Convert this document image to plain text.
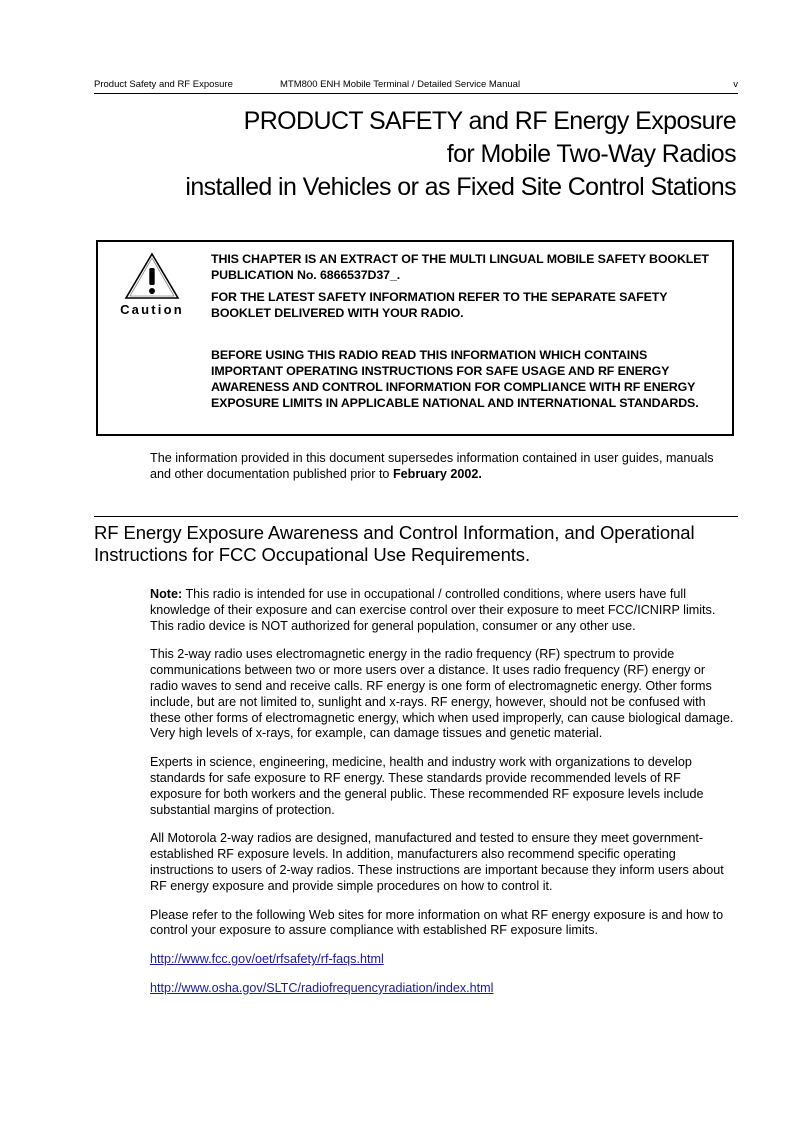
Product Safety and RF Exposure	MTM800 ENH Mobile Terminal / Detailed Service Manual	v
PRODUCT SAFETY and RF Energy Exposure
for Mobile Two-Way Radios
installed in Vehicles or as Fixed Site Control Stations
Caution

THIS CHAPTER IS AN EXTRACT OF THE MULTI LINGUAL MOBILE SAFETY BOOKLET PUBLICATION No. 6866537D37_.

FOR THE LATEST SAFETY INFORMATION REFER TO THE SEPARATE SAFETY BOOKLET DELIVERED WITH YOUR RADIO.

BEFORE USING THIS RADIO READ THIS INFORMATION WHICH CONTAINS IMPORTANT OPERATING INSTRUCTIONS FOR SAFE USAGE AND RF ENERGY AWARENESS AND CONTROL INFORMATION FOR COMPLIANCE WITH RF ENERGY EXPOSURE LIMITS IN APPLICABLE NATIONAL AND INTERNATIONAL STANDARDS.

The information provided in this document supersedes information contained in user guides, manuals and other documentation published prior to February 2002.
RF Energy Exposure Awareness and Control Information, and Operational Instructions for FCC Occupational Use Requirements.

Note: This radio is intended for use in occupational / controlled conditions, where users have full knowledge of their exposure and can exercise control over their exposure to meet FCC/ICNIRP limits. This radio device is NOT authorized for general population, consumer or any other use.

This 2-way radio uses electromagnetic energy in the radio frequency (RF) spectrum to provide communications between two or more users over a distance. It uses radio frequency (RF) energy or radio waves to send and receive calls. RF energy is one form of electromagnetic energy. Other forms include, but are not limited to, sunlight and x-rays. RF energy, however, should not be confused with these other forms of electromagnetic energy, which when used improperly, can cause biological damage. Very high levels of x-rays, for example, can damage tissues and genetic material.

Experts in science, engineering, medicine, health and industry work with organizations to develop standards for safe exposure to RF energy. These standards provide recommended levels of RF exposure for both workers and the general public. These recommended RF exposure levels include substantial margins of protection.

All Motorola 2-way radios are designed, manufactured and tested to ensure they meet government-established RF exposure levels. In addition, manufacturers also recommend specific operating instructions to users of 2-way radios. These instructions are important because they inform users about RF energy exposure and provide simple procedures on how to control it.

Please refer to the following Web sites for more information on what RF energy exposure is and how to control your exposure to assure compliance with established RF exposure limits.

http://www.fcc.gov/oet/rfsafety/rf-faqs.html

http://www.osha.gov/SLTC/radiofrequencyradiation/index.html
